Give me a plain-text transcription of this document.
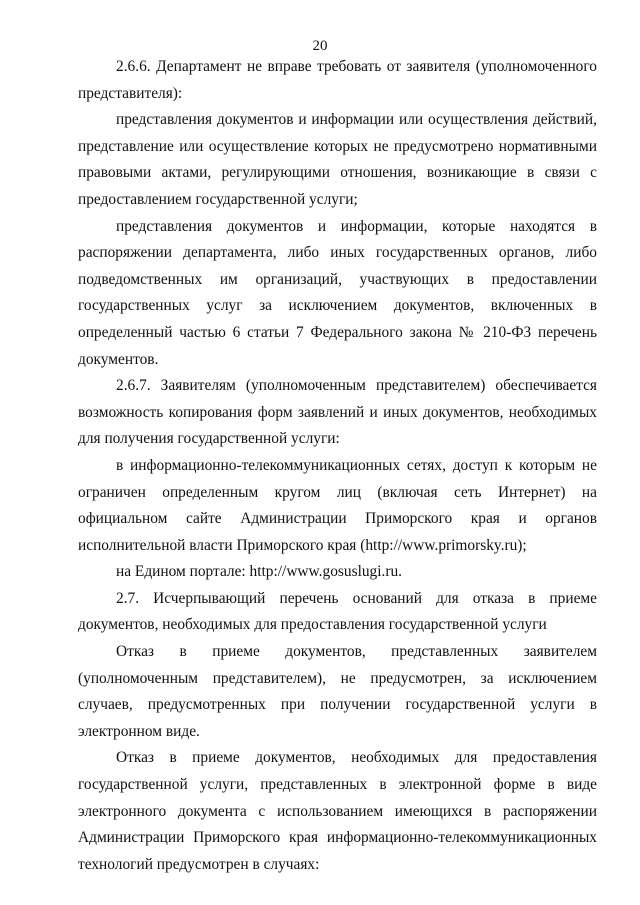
20

2.6.6. Департамент не вправе требовать от заявителя (уполномоченного представителя):

представления документов и информации или осуществления действий, представление или осуществление которых не предусмотрено нормативными правовыми актами, регулирующими отношения, возникающие в связи с предоставлением государственной услуги;

представления документов и информации, которые находятся в распоряжении департамента, либо иных государственных органов, либо подведомственных им организаций, участвующих в предоставлении государственных услуг за исключением документов, включенных в определенный частью 6 статьи 7 Федерального закона № 210-ФЗ перечень документов.

2.6.7. Заявителям (уполномоченным представителем) обеспечивается возможность копирования форм заявлений и иных документов, необходимых для получения государственной услуги:

в информационно-телекоммуникационных сетях, доступ к которым не ограничен определенным кругом лиц (включая сеть Интернет) на официальном сайте Администрации Приморского края и органов исполнительной власти Приморского края (http://www.primorsky.ru);

на Едином портале: http://www.gosuslugi.ru.

2.7. Исчерпывающий перечень оснований для отказа в приеме документов, необходимых для предоставления государственной услуги

Отказ в приеме документов, представленных заявителем (уполномоченным представителем), не предусмотрен, за исключением случаев, предусмотренных при получении государственной услуги в электронном виде.

Отказ в приеме документов, необходимых для предоставления государственной услуги, представленных в электронной форме в виде электронного документа с использованием имеющихся в распоряжении Администрации Приморского края информационно-телекоммуникационных технологий предусмотрен в случаях:
